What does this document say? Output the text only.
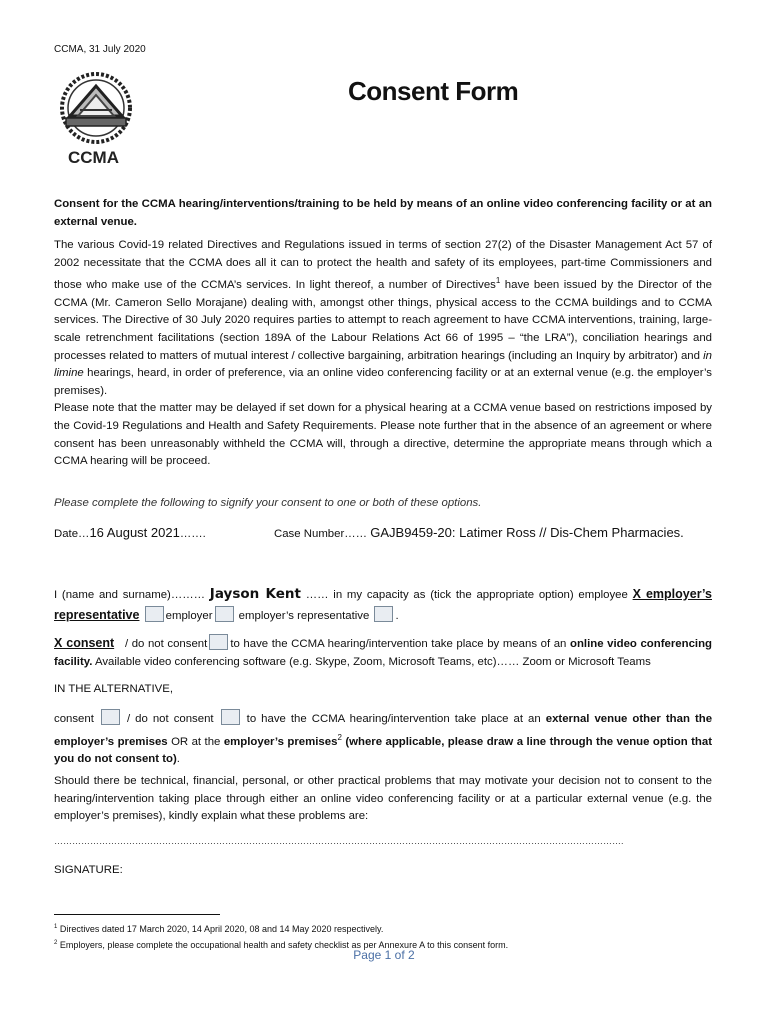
CCMA, 31 July 2020
CCMA
Consent Form

Consent for the CCMA hearing/interventions/training to be held by means of an online video conferencing facility or at an external venue.

The various Covid-19 related Directives and Regulations issued in terms of section 27(2) of the Disaster Management Act 57 of 2002 necessitate that the CCMA does all it can to protect the health and safety of its employees, part-time Commissioners and those who make use of the CCMA’s services. In light thereof, a number of Directives$^1$ have been issued by the Director of the CCMA (Mr. Cameron Sello Morajane) dealing with, amongst other things, physical access to the CCMA buildings and to CCMA services. The Directive of 30 July 2020 requires parties to attempt to reach agreement to have CCMA interventions, training, large-scale retrenchment facilitations (section 189A of the Labour Relations Act 66 of 1995 – “the LRA”), conciliation hearings and processes related to matters of mutual interest / collective bargaining, arbitration hearings (including an Inquiry by arbitrator) and in limine hearings, heard, in order of preference, via an online video conferencing facility or at an external venue (e.g. the employer’s premises).

Please note that the matter may be delayed if set down for a physical hearing at a CCMA venue based on restrictions imposed by the Covid-19 Regulations and Health and Safety Requirements. Please note further that in the absence of an agreement or where consent has been unreasonably withheld the CCMA will, through a directive, determine the appropriate means through which a CCMA hearing will be proceed.

Please complete the following to signify your consent to one or both of these options.
Date…16 August 2021…….	Case Number…… GAJB9459-20: Latimer Ross // Dis-Chem Pharmacies.
I (name and surname)……… Jayson Kent …… in my capacity as (tick the appropriate option) employee X employer’s representative employer employer’s representative .
X consent / do not consent to have the CCMA hearing/intervention take place by means of an online video conferencing facility. Available video conferencing software (e.g. Skype, Zoom, Microsoft Teams, etc)…… Zoom or Microsoft Teams
IN THE ALTERNATIVE,
consent	/ do not consent	to have the CCMA hearing/intervention take place at an external venue other than the employer’s premises OR at the employer’s premises$^2$ (where applicable, please draw a line through the venue option that you do not consent to).
Should there be technical, financial, personal, or other practical problems that may motivate your decision not to consent to the hearing/intervention taking place through either an online video conferencing facility or at a particular external venue (e.g. the employer’s premises), kindly explain what these problems are:
……………………………………………………………………………………………………………………………………………………………………….
SIGNATURE:
$^1$ Directives dated 17 March 2020, 14 April 2020, 08 and 14 May 2020 respectively.
$^2$ Employers, please complete the occupational health and safety checklist as per Annexure A to this consent form.
Page 1 of 2
